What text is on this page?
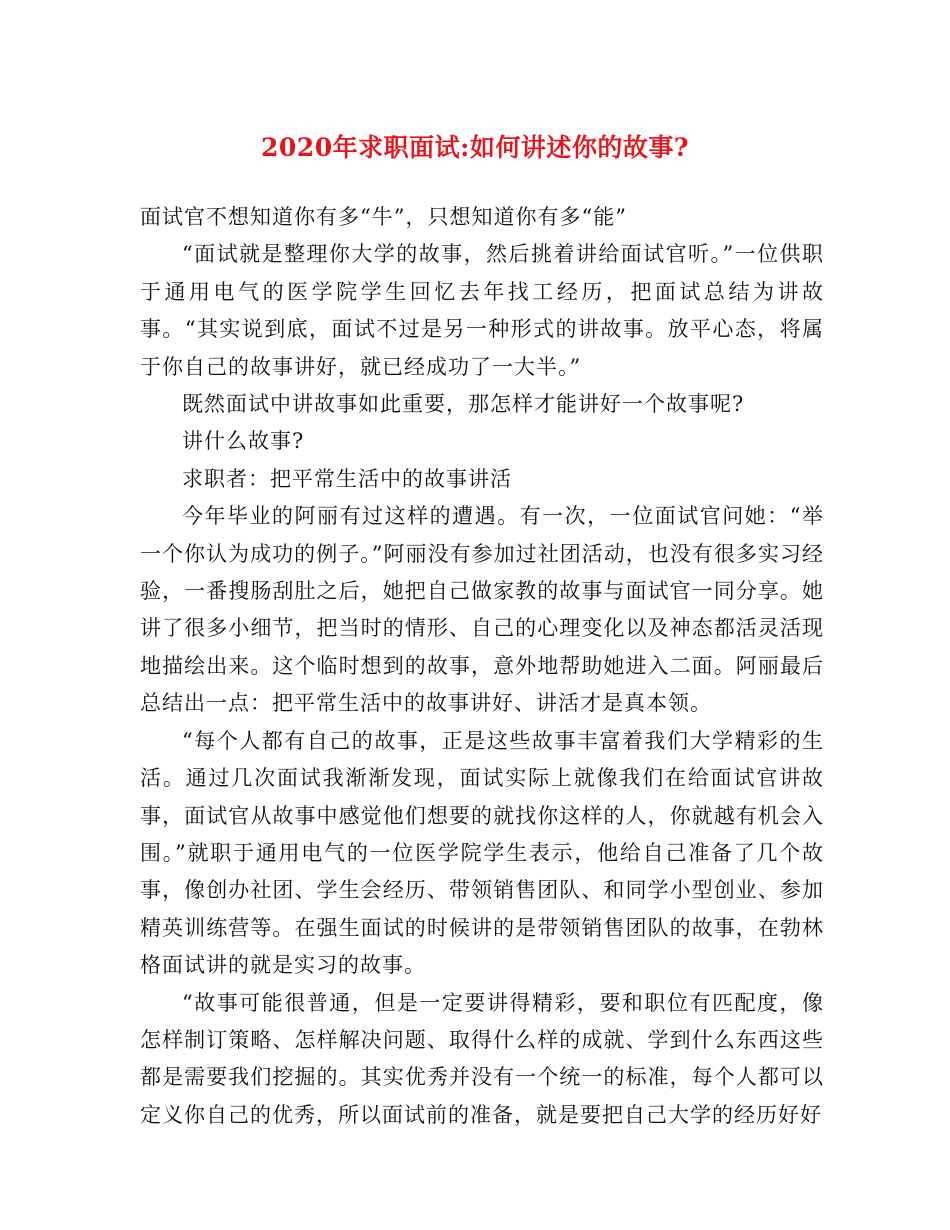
2020年求职面试:如何讲述你的故事?

面试官不想知道你有多“牛”，只想知道你有多“能”

“面试就是整理你大学的故事，然后挑着讲给面试官听。”一位供职于通用电气的医学院学生回忆去年找工经历，把面试总结为讲故事。“其实说到底，面试不过是另一种形式的讲故事。放平心态，将属于你自己的故事讲好，就已经成功了一大半。”

既然面试中讲故事如此重要，那怎样才能讲好一个故事呢?

讲什么故事?

求职者：把平常生活中的故事讲活

今年毕业的阿丽有过这样的遭遇。有一次，一位面试官问她：“举一个你认为成功的例子。”阿丽没有参加过社团活动，也没有很多实习经验，一番搜肠刮肚之后，她把自己做家教的故事与面试官一同分享。她讲了很多小细节，把当时的情形、自己的心理变化以及神态都活灵活现地描绘出来。这个临时想到的故事，意外地帮助她进入二面。阿丽最后总结出一点：把平常生活中的故事讲好、讲活才是真本领。

“每个人都有自己的故事，正是这些故事丰富着我们大学精彩的生活。通过几次面试我渐渐发现，面试实际上就像我们在给面试官讲故事，面试官从故事中感觉他们想要的就找你这样的人，你就越有机会入围。”就职于通用电气的一位医学院学生表示，他给自己准备了几个故事，像创办社团、学生会经历、带领销售团队、和同学小型创业、参加精英训练营等。在强生面试的时候讲的是带领销售团队的故事，在勃林格面试讲的就是实习的故事。

“故事可能很普通，但是一定要讲得精彩，要和职位有匹配度，像怎样制订策略、怎样解决问题、取得什么样的成就、学到什么东西这些都是需要我们挖掘的。其实优秀并没有一个统一的标准，每个人都可以定义你自己的优秀，所以面试前的准备，就是要把自己大学的经历好好
